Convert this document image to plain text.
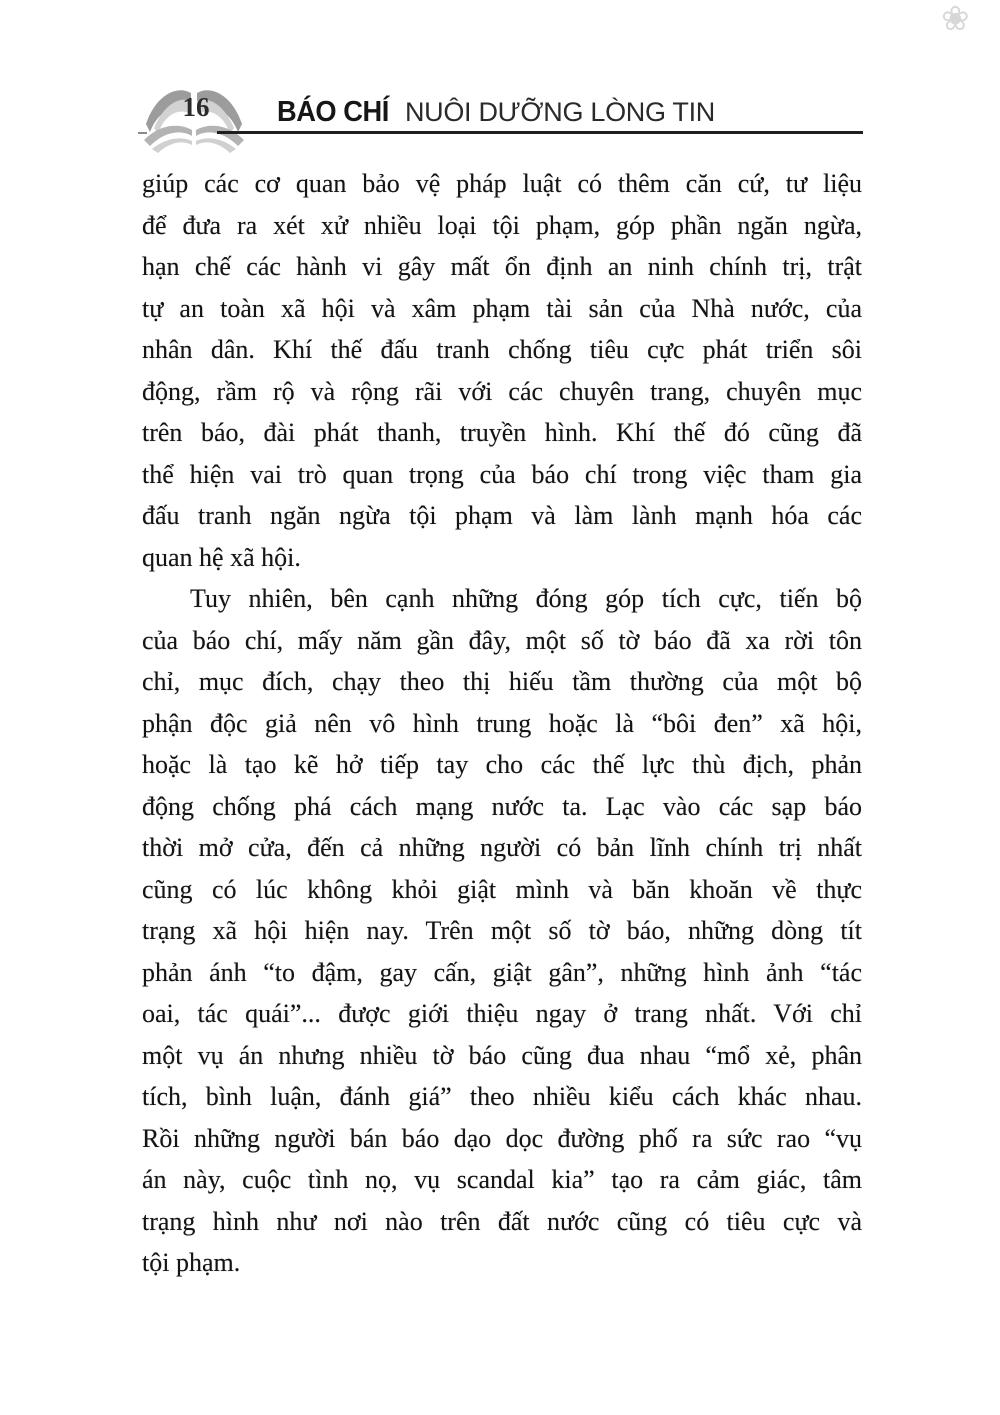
❀
16	BÁO CHÍ NUÔI DƯỠNG LÒNG TIN

giúp các cơ quan bảo vệ pháp luật có thêm căn cứ, tư liệu
để đưa ra xét xử nhiều loại tội phạm, góp phần ngăn ngừa,
hạn chế các hành vi gây mất ổn định an ninh chính trị, trật
tự an toàn xã hội và xâm phạm tài sản của Nhà nước, của
nhân dân. Khí thế đấu tranh chống tiêu cực phát triển sôi
động, rầm rộ và rộng rãi với các chuyên trang, chuyên mục
trên báo, đài phát thanh, truyền hình. Khí thế đó cũng đã
thể hiện vai trò quan trọng của báo chí trong việc tham gia
đấu tranh ngăn ngừa tội phạm và làm lành mạnh hóa các
quan hệ xã hội.

Tuy nhiên, bên cạnh những đóng góp tích cực, tiến bộ
của báo chí, mấy năm gần đây, một số tờ báo đã xa rời tôn
chỉ, mục đích, chạy theo thị hiếu tầm thường của một bộ
phận độc giả nên vô hình trung hoặc là “bôi đen” xã hội,
hoặc là tạo kẽ hở tiếp tay cho các thế lực thù địch, phản
động chống phá cách mạng nước ta. Lạc vào các sạp báo
thời mở cửa, đến cả những người có bản lĩnh chính trị nhất
cũng có lúc không khỏi giật mình và băn khoăn về thực
trạng xã hội hiện nay. Trên một số tờ báo, những dòng tít
phản ánh “to đậm, gay cấn, giật gân”, những hình ảnh “tác
oai, tác quái”... được giới thiệu ngay ở trang nhất. Với chỉ
một vụ án nhưng nhiều tờ báo cũng đua nhau “mổ xẻ, phân
tích, bình luận, đánh giá” theo nhiều kiểu cách khác nhau.
Rồi những người bán báo dạo dọc đường phố ra sức rao “vụ
án này, cuộc tình nọ, vụ scandal kia” tạo ra cảm giác, tâm
trạng hình như nơi nào trên đất nước cũng có tiêu cực và
tội phạm.
